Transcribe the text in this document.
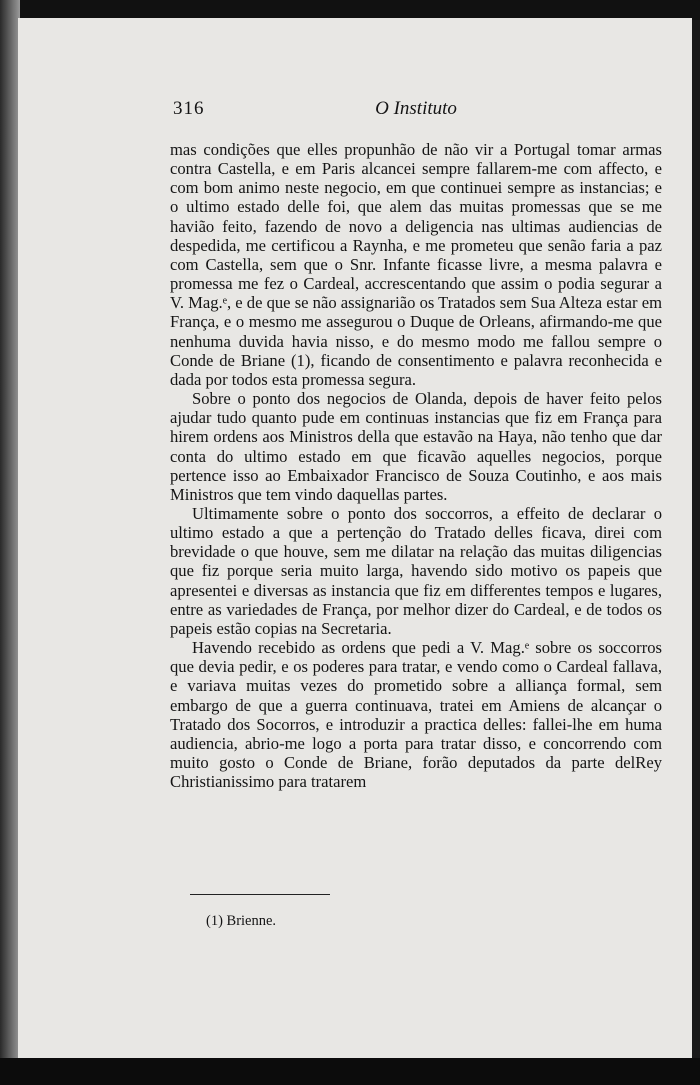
316	O Instituto

mas condições que elles propunhão de não vir a Portugal tomar armas contra Castella, e em Paris alcancei sempre fallarem-me com affecto, e com bom animo neste negocio, em que continuei sempre as instancias; e o ultimo estado delle foi, que alem das muitas promessas que se me havião feito, fazendo de novo a deligencia nas ultimas audiencias de despedida, me certificou a Raynha, e me prometeu que senão faria a paz com Castella, sem que o Snr. Infante ficasse livre, a mesma palavra e promessa me fez o Cardeal, accrescentando que assim o podia segurar a V. Mag.ᵉ, e de que se não assignarião os Tratados sem Sua Alteza estar em França, e o mesmo me assegurou o Duque de Orleans, afirmando-me que nenhuma duvida havia nisso, e do mesmo modo me fallou sempre o Conde de Briane (1), ficando de consentimento e palavra reconhecida e dada por todos esta promessa segura.

Sobre o ponto dos negocios de Olanda, depois de haver feito pelos ajudar tudo quanto pude em continuas instancias que fiz em França para hirem ordens aos Ministros della que estavão na Haya, não tenho que dar conta do ultimo estado em que ficavão aquelles negocios, porque pertence isso ao Embaixador Francisco de Souza Coutinho, e aos mais Ministros que tem vindo daquellas partes.

Ultimamente sobre o ponto dos soccorros, a effeito de declarar o ultimo estado a que a pertenção do Tratado delles ficava, direi com brevidade o que houve, sem me dilatar na relação das muitas diligencias que fiz porque seria muito larga, havendo sido motivo os papeis que apresentei e diversas as instancia que fiz em differentes tempos e lugares, entre as variedades de França, por melhor dizer do Cardeal, e de todos os papeis estão copias na Secretaria.

Havendo recebido as ordens que pedi a V. Mag.ᵉ sobre os soccorros que devia pedir, e os poderes para tratar, e vendo como o Cardeal fallava, e variava muitas vezes do prometido sobre a alliança formal, sem embargo de que a guerra continuava, tratei em Amiens de alcançar o Tratado dos Socorros, e introduzir a practica delles: fallei-lhe em huma audiencia, abrio-me logo a porta para tratar disso, e concorrendo com muito gosto o Conde de Briane, forão deputados da parte delRey Christianissimo para tratarem

(1) Brienne.
